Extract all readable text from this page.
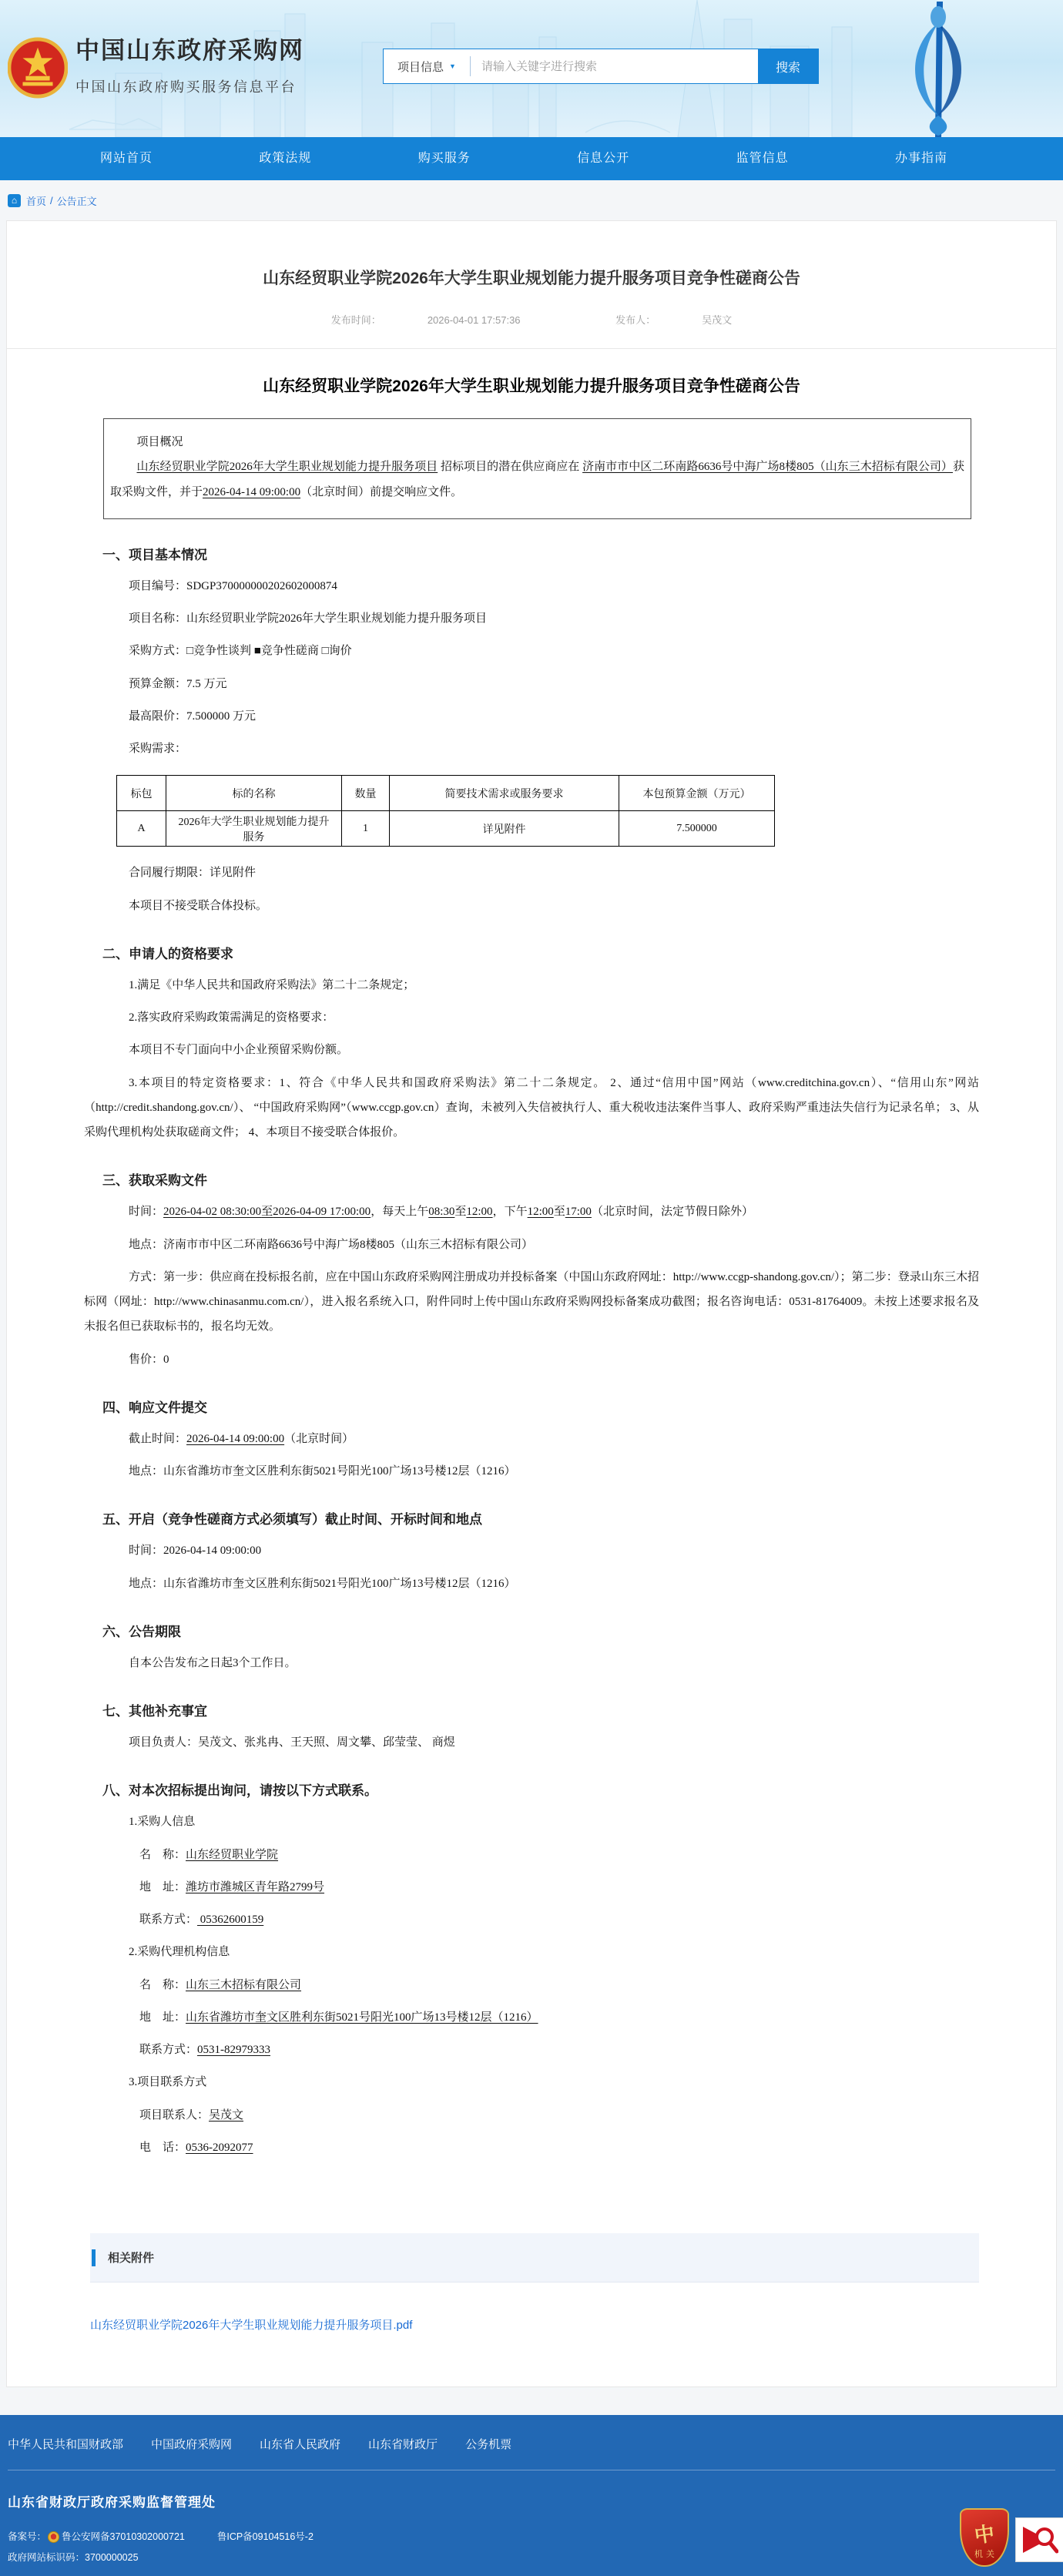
中国山东政府采购网
中国山东政府购买服务信息平台
项目信息 ▼
请输入关键字进行搜索	搜索
网站首页	政策法规	购买服务	信息公开	监管信息	办事指南
⌂ 首页 / 公告正文
山东经贸职业学院2026年大学生职业规划能力提升服务项目竞争性磋商公告
发布时间：	2026-04-01 17:57:36	发布人：	吴茂文
山东经贸职业学院2026年大学生职业规划能力提升服务项目竞争性磋商公告
项目概况
山东经贸职业学院2026年大学生职业规划能力提升服务项目 招标项目的潜在供应商应在 济南市市中区二环南路6636号中海广场8楼805（山东三木招标有限公司）获取采购文件，并于2026-04-14 09:00:00（北京时间）前提交响应文件。
一、项目基本情况
项目编号：SDGP370000000202602000874
项目名称：山东经贸职业学院2026年大学生职业规划能力提升服务项目
采购方式：□竞争性谈判 ■竞争性磋商 □询价
预算金额：7.5 万元
最高限价：7.500000 万元
采购需求：
标包	标的名称	数量	简要技术需求或服务要求	本包预算金额（万元）
A	2026年大学生职业规划能力提升服务	1	详见附件	7.500000
合同履行期限：详见附件
本项目不接受联合体投标。
二、申请人的资格要求
1.满足《中华人民共和国政府采购法》第二十二条规定；
2.落实政府采购政策需满足的资格要求：
本项目不专门面向中小企业预留采购份额。
3.本项目的特定资格要求：1、符合《中华人民共和国政府采购法》第二十二条规定。 2、通过“信用中国”网站（www.creditchina.gov.cn）、“信用山东”网站（http://credit.shandong.gov.cn/）、 “中国政府采购网”（www.ccgp.gov.cn）查询，未被列入失信被执行人、重大税收违法案件当事人、政府采购严重违法失信行为记录名单； 3、从采购代理机构处获取磋商文件； 4、本项目不接受联合体报价。
三、获取采购文件
时间：2026-04-02 08:30:00至2026-04-09 17:00:00，每天上午08:30至12:00，下午12:00至17:00（北京时间，法定节假日除外）
地点：济南市市中区二环南路6636号中海广场8楼805（山东三木招标有限公司）
方式：第一步：供应商在投标报名前，应在中国山东政府采购网注册成功并投标备案（中国山东政府网址：http://www.ccgp-shandong.gov.cn/）；第二步：登录山东三木招标网（网址：http://www.chinasanmu.com.cn/），进入报名系统入口，附件同时上传中国山东政府采购网投标备案成功截图；报名咨询电话：0531-81764009。未按上述要求报名及未报名但已获取标书的，报名均无效。
售价：0
四、响应文件提交
截止时间：2026-04-14 09:00:00（北京时间）
地点：山东省潍坊市奎文区胜利东街5021号阳光100广场13号楼12层（1216）
五、开启（竞争性磋商方式必须填写）截止时间、开标时间和地点
时间：2026-04-14 09:00:00
地点：山东省潍坊市奎文区胜利东街5021号阳光100广场13号楼12层（1216）
六、公告期限
自本公告发布之日起3个工作日。
七、其他补充事宜
项目负责人：吴茂文、张兆冉、王天照、周文攀、邱莹莹、 商煜
八、对本次招标提出询问，请按以下方式联系。
1.采购人信息
名　称：山东经贸职业学院
地　址：潍坊市潍城区青年路2799号
联系方式： 05362600159
2.采购代理机构信息
名　称：山东三木招标有限公司
地　址：山东省潍坊市奎文区胜利东街5021号阳光100广场13号楼12层（1216）
联系方式：0531-82979333
3.项目联系方式
项目联系人：吴茂文
电　话：0536-2092077
相关附件
山东经贸职业学院2026年大学生职业规划能力提升服务项目.pdf
中华人民共和国财政部 中国政府采购网 山东省人民政府 山东省财政厅 公务机票
山东省财政厅政府采购监督管理处
备案号： 鲁公安网备37010302000721	鲁ICP备09104516号-2
政府网站标识码：3700000025
中
机关
